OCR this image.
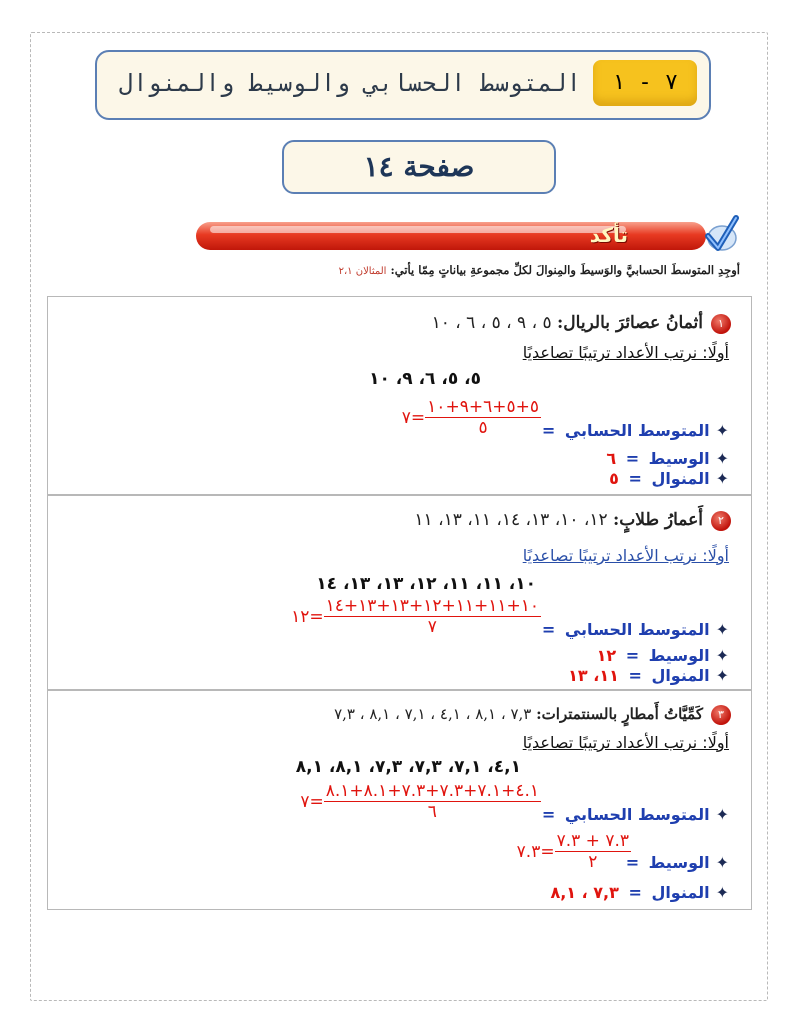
٧ - ١
المتوسط الحسابي والوسيط والمنوال
صفحة ١٤
تأكد
أوجِدِ المتوسطَ الحسابيَّ والوَسيطَ والمِنوالَ لكلِّ مجموعةِ بياناتٍ مِمّا يأتي: المثالان ٢،١
١أثمانُ عصائرَ بالريال: ٥ ، ٩ ، ٥ ، ٦ ، ١٠
أولًا: نرتب الأعداد ترتيبًا تصاعديًا
٥، ٥، ٦، ٩، ١٠
✦المتوسط الحسابي =
$\frac{٥+٥+٦+٩+١٠}{٥}$
=٧
✦الوسيط = ٦
✦المنوال = ٥
٢أَعمارُ طلابٍ: ١٢، ١٠، ١٣، ١٤، ١١، ١٣، ١١
أولًا: نرتب الأعداد ترتيبًا تصاعديًا
١٠، ١١، ١١، ١٢، ١٣، ١٣، ١٤
✦المتوسط الحسابي =
$\frac{١٠+١١+١١+١٢+١٣+١٣+١٤}{٧}$
=١٢
✦الوسيط = ١٢
✦المنوال = ١١، ١٣
٣كَمِّيَّاتُ أَمطارٍ بالسنتمترات: ٧,٣ ، ٨,١ ، ٤,١ ، ٧,١ ، ٨,١ ، ٧,٣
أولًا: نرتب الأعداد ترتيبًا تصاعديًا
٤,١، ٧,١، ٧,٣، ٧,٣، ٨,١، ٨,١
✦المتوسط الحسابي =
$\frac{٤.١+٧.١+٧.٣+٧.٣+٨.١+٨.١}{٦}$
=٧
✦الوسيط =
$\frac{٧.٣ + ٧.٣}{٢}$
=٧.٣
✦المنوال = ٧,٣ ، ٨,١
